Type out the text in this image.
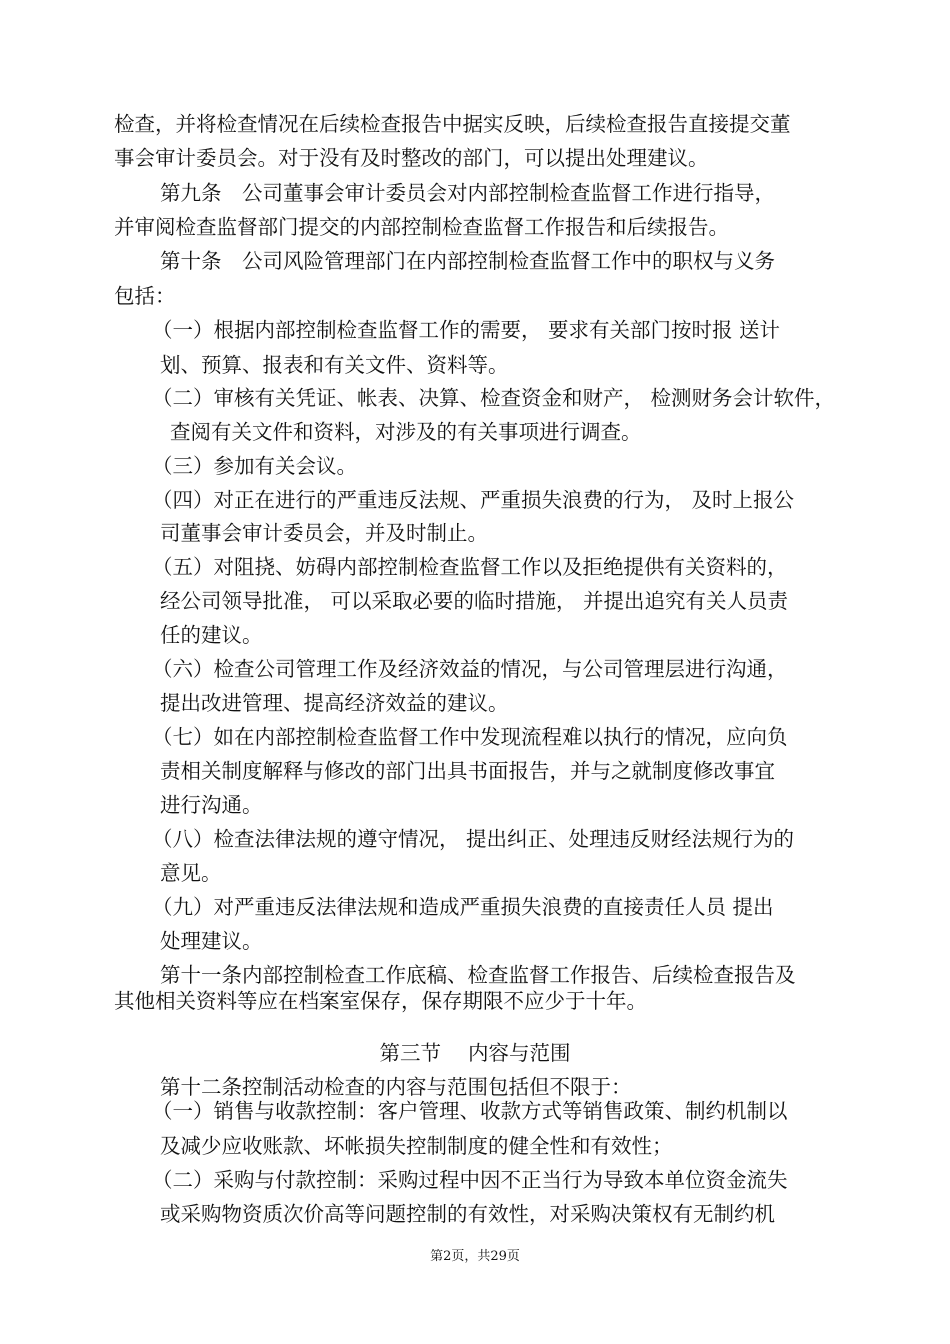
检查，并将检查情况在后续检查报告中据实反映，后续检查报告直接提交董
事会审计委员会。对于没有及时整改的部门，可以提出处理建议。
第九条　公司董事会审计委员会对内部控制检查监督工作进行指导，
并审阅检查监督部门提交的内部控制检查监督工作报告和后续报告。
第十条　公司风险管理部门在内部控制检查监督工作中的职权与义务
包括：
（一）根据内部控制检查监督工作的需要， 要求有关部门按时报 送计
划、预算、报表和有关文件、资料等。
（二）审核有关凭证、帐表、决算、检查资金和财产， 检测财务会计软件，
查阅有关文件和资料，对涉及的有关事项进行调查。
（三）参加有关会议。
（四）对正在进行的严重违反法规、严重损失浪费的行为， 及时上报公
司董事会审计委员会，并及时制止。
（五）对阻挠、妨碍内部控制检查监督工作以及拒绝提供有关资料的，
经公司领导批准， 可以采取必要的临时措施， 并提出追究有关人员责
任的建议。
（六）检查公司管理工作及经济效益的情况，与公司管理层进行沟通，
提出改进管理、提高经济效益的建议。
（七）如在内部控制检查监督工作中发现流程难以执行的情况，应向负
责相关制度解释与修改的部门出具书面报告，并与之就制度修改事宜
进行沟通。
（八）检查法律法规的遵守情况， 提出纠正、处理违反财经法规行为的
意见。
（九）对严重违反法律法规和造成严重损失浪费的直接责任人员 提出
处理建议。
第十一条内部控制检查工作底稿、检查监督工作报告、后续检查报告及
其他相关资料等应在档案室保存，保存期限不应少于十年。
第三节　 内容与范围
第十二条控制活动检查的内容与范围包括但不限于：
（一）销售与收款控制：客户管理、收款方式等销售政策、制约机制以
及减少应收账款、坏帐损失控制制度的健全性和有效性；
（二）采购与付款控制：采购过程中因不正当行为导致本单位资金流失
或采购物资质次价高等问题控制的有效性，对采购决策权有无制约机
第2页，共29页
